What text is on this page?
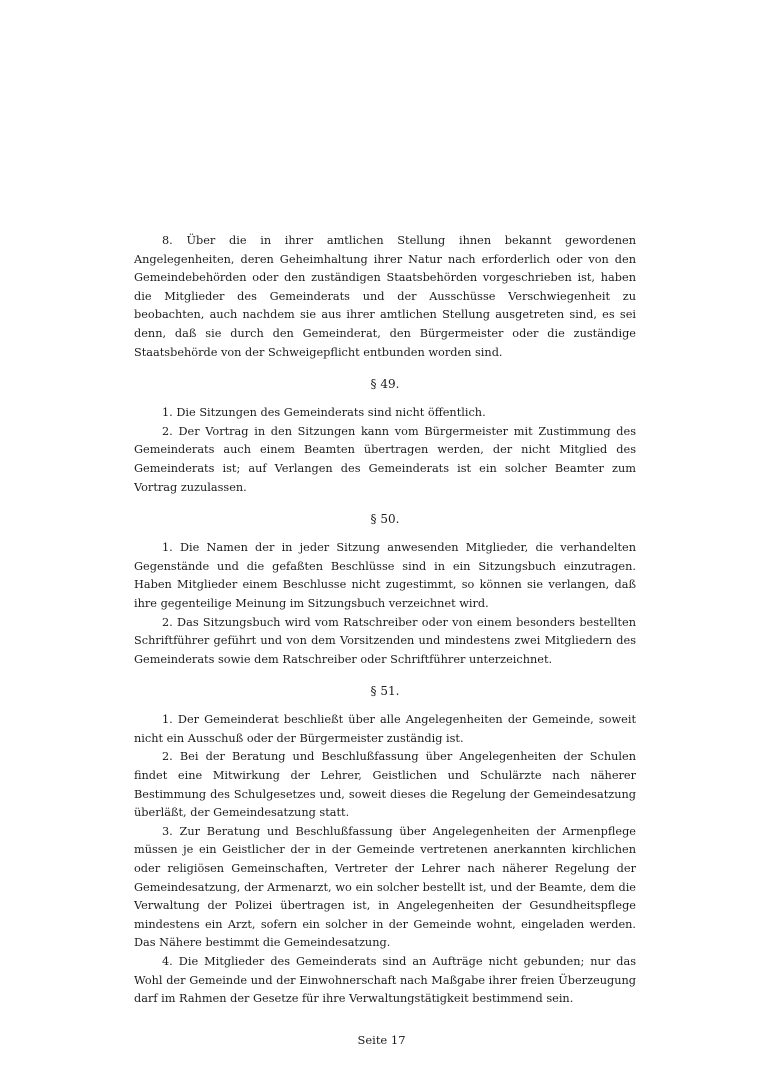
8. Über die in ihrer amtlichen Stellung ihnen bekannt gewordenen Angelegenheiten, deren Geheimhaltung ihrer Natur nach erforderlich oder von den Gemeindebehörden oder den zuständigen Staatsbehörden vorgeschrieben ist, haben die Mitglieder des Gemeinderats und der Ausschüsse Verschwiegenheit zu beobachten, auch nachdem sie aus ihrer amtlichen Stellung ausgetreten sind, es sei denn, daß sie durch den Gemeinderat, den Bürgermeister oder die zuständige Staatsbehörde von der Schweigepflicht entbunden worden sind.

§ 49.

1. Die Sitzungen des Gemeinderats sind nicht öffentlich.

2. Der Vortrag in den Sitzungen kann vom Bürgermeister mit Zustimmung des Gemeinderats auch einem Beamten übertragen werden, der nicht Mitglied des Gemeinderats ist; auf Verlangen des Gemeinderats ist ein solcher Beamter zum Vortrag zuzulassen.

§ 50.

1. Die Namen der in jeder Sitzung anwesenden Mitglieder, die verhandelten Gegenstände und die gefaßten Beschlüsse sind in ein Sitzungsbuch einzutragen. Haben Mitglieder einem Beschlusse nicht zugestimmt, so können sie verlangen, daß ihre gegenteilige Meinung im Sitzungsbuch verzeichnet wird.

2. Das Sitzungsbuch wird vom Ratschreiber oder von einem besonders bestellten Schriftführer geführt und von dem Vorsitzenden und mindestens zwei Mitgliedern des Gemeinderats sowie dem Ratschreiber oder Schriftführer unterzeichnet.

§ 51.

1. Der Gemeinderat beschließt über alle Angelegenheiten der Gemeinde, soweit nicht ein Ausschuß oder der Bürgermeister zuständig ist.

2. Bei der Beratung und Beschlußfassung über Angelegenheiten der Schulen findet eine Mitwirkung der Lehrer, Geistlichen und Schulärzte nach näherer Bestimmung des Schulgesetzes und, soweit dieses die Regelung der Gemeindesatzung überläßt, der Gemeindesatzung statt.

3. Zur Beratung und Beschlußfassung über Angelegenheiten der Armenpflege müssen je ein Geistlicher der in der Gemeinde vertretenen anerkannten kirchlichen oder religiösen Gemeinschaften, Vertreter der Lehrer nach näherer Regelung der Gemeindesatzung, der Armenarzt, wo ein solcher bestellt ist, und der Beamte, dem die Verwaltung der Polizei übertragen ist, in Angelegenheiten der Gesundheitspflege mindestens ein Arzt, sofern ein solcher in der Gemeinde wohnt, eingeladen werden. Das Nähere bestimmt die Gemeindesatzung.

4. Die Mitglieder des Gemeinderats sind an Aufträge nicht gebunden; nur das Wohl der Gemeinde und der Einwohnerschaft nach Maßgabe ihrer freien Überzeugung darf im Rahmen der Gesetze für ihre Verwaltungstätigkeit bestimmend sein.

Seite 17
